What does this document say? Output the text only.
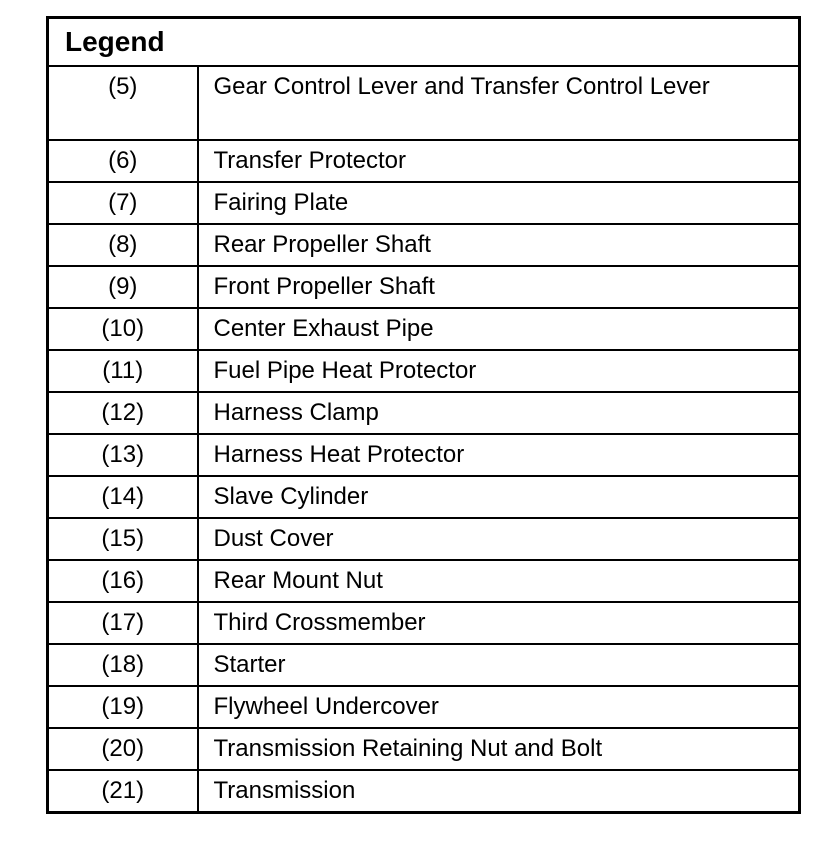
Legend	
(5)	Gear Control Lever and Transfer Control Lever
(6)	Transfer Protector
(7)	Fairing Plate
(8)	Rear Propeller Shaft
(9)	Front Propeller Shaft
(10)	Center Exhaust Pipe
(11)	Fuel Pipe Heat Protector
(12)	Harness Clamp
(13)	Harness Heat Protector
(14)	Slave Cylinder
(15)	Dust Cover
(16)	Rear Mount Nut
(17)	Third Crossmember
(18)	Starter
(19)	Flywheel Undercover
(20)	Transmission Retaining Nut and Bolt
(21)	Transmission
